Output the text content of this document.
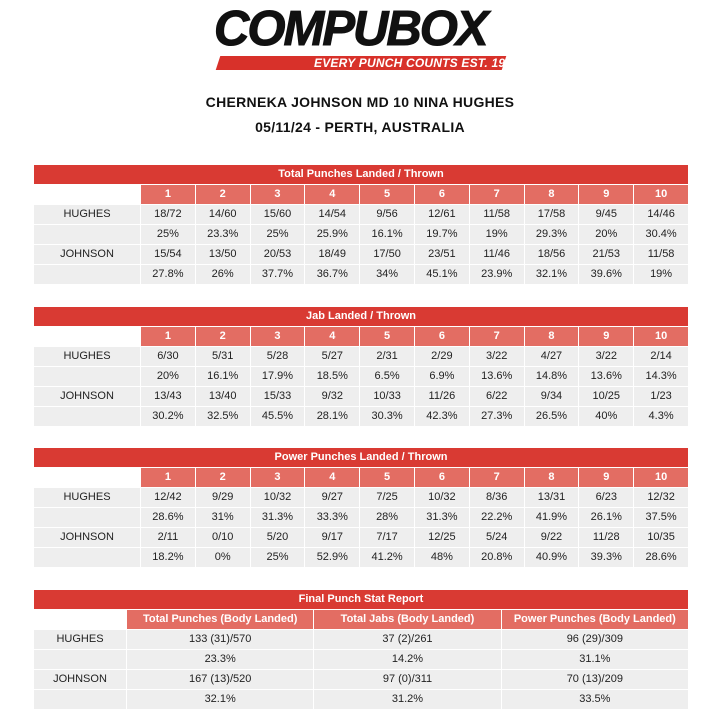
COMPUBOX
EVERY PUNCH COUNTS EST. 1985
CHERNEKA JOHNSON MD 10 NINA HUGHES
05/11/24 - PERTH, AUSTRALIA
Total Punches Landed / Thrown										
	1	2	3	4	5	6	7	8	9	10
HUGHES	18/72	14/60	15/60	14/54	9/56	12/61	11/58	17/58	9/45	14/46
	25%	23.3%	25%	25.9%	16.1%	19.7%	19%	29.3%	20%	30.4%
JOHNSON	15/54	13/50	20/53	18/49	17/50	23/51	11/46	18/56	21/53	11/58
	27.8%	26%	37.7%	36.7%	34%	45.1%	23.9%	32.1%	39.6%	19%
Jab Landed / Thrown										
	1	2	3	4	5	6	7	8	9	10
HUGHES	6/30	5/31	5/28	5/27	2/31	2/29	3/22	4/27	3/22	2/14
	20%	16.1%	17.9%	18.5%	6.5%	6.9%	13.6%	14.8%	13.6%	14.3%
JOHNSON	13/43	13/40	15/33	9/32	10/33	11/26	6/22	9/34	10/25	1/23
	30.2%	32.5%	45.5%	28.1%	30.3%	42.3%	27.3%	26.5%	40%	4.3%
Power Punches Landed / Thrown										
	1	2	3	4	5	6	7	8	9	10
HUGHES	12/42	9/29	10/32	9/27	7/25	10/32	8/36	13/31	6/23	12/32
	28.6%	31%	31.3%	33.3%	28%	31.3%	22.2%	41.9%	26.1%	37.5%
JOHNSON	2/11	0/10	5/20	9/17	7/17	12/25	5/24	9/22	11/28	10/35
	18.2%	0%	25%	52.9%	41.2%	48%	20.8%	40.9%	39.3%	28.6%
Final Punch Stat Report			
	Total Punches (Body Landed)	Total Jabs (Body Landed)	Power Punches (Body Landed)
HUGHES	133 (31)/570	37 (2)/261	96 (29)/309
	23.3%	14.2%	31.1%
JOHNSON	167 (13)/520	97 (0)/311	70 (13)/209
	32.1%	31.2%	33.5%
